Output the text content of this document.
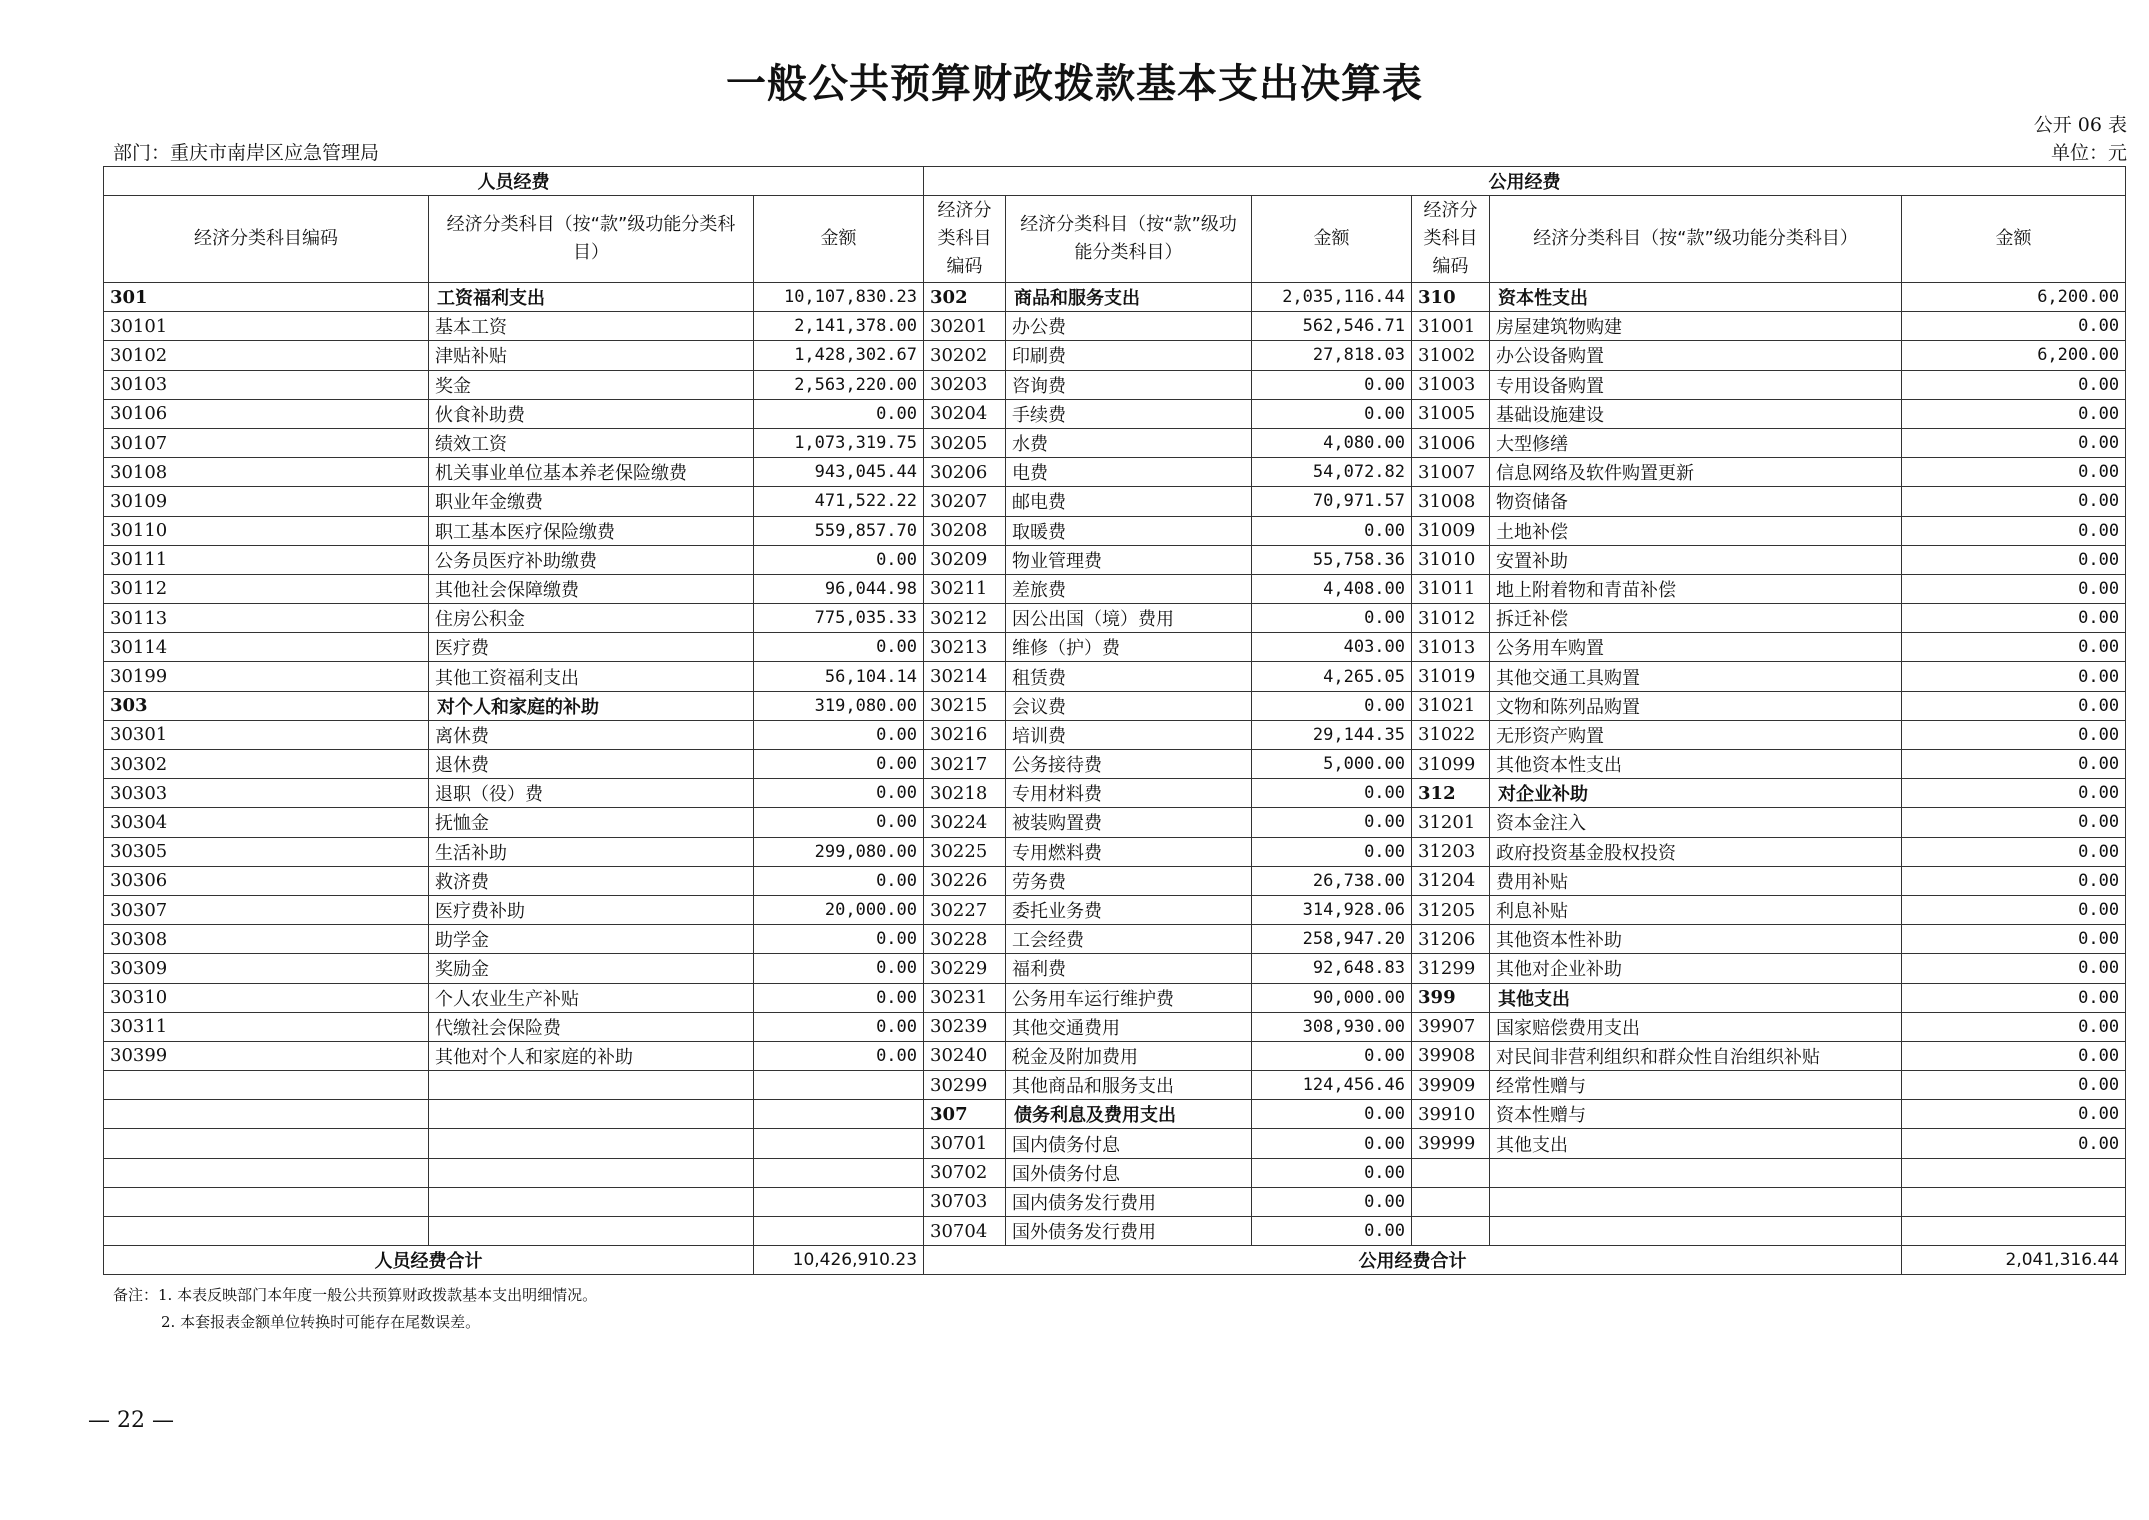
一般公共预算财政拨款基本支出决算表
公开 06 表
部门：重庆市南岸区应急管理局	单位：元
人员经费			公用经费					
经济分类科目编码	经济分类科目（按“款”级功能分类科目）	金额	经济分类科目编码	经济分类科目（按“款”级功能分类科目）	金额	经济分类科目编码	经济分类科目（按“款”级功能分类科目）	金额
301	工资福利支出	10,107,830.23	302	商品和服务支出	2,035,116.44	310	资本性支出	6,200.00
30101	基本工资	2,141,378.00	30201	办公费	562,546.71	31001	房屋建筑物购建	0.00
30102	津贴补贴	1,428,302.67	30202	印刷费	27,818.03	31002	办公设备购置	6,200.00
30103	奖金	2,563,220.00	30203	咨询费	0.00	31003	专用设备购置	0.00
30106	伙食补助费	0.00	30204	手续费	0.00	31005	基础设施建设	0.00
30107	绩效工资	1,073,319.75	30205	水费	4,080.00	31006	大型修缮	0.00
30108	机关事业单位基本养老保险缴费	943,045.44	30206	电费	54,072.82	31007	信息网络及软件购置更新	0.00
30109	职业年金缴费	471,522.22	30207	邮电费	70,971.57	31008	物资储备	0.00
30110	职工基本医疗保险缴费	559,857.70	30208	取暖费	0.00	31009	土地补偿	0.00
30111	公务员医疗补助缴费	0.00	30209	物业管理费	55,758.36	31010	安置补助	0.00
30112	其他社会保障缴费	96,044.98	30211	差旅费	4,408.00	31011	地上附着物和青苗补偿	0.00
30113	住房公积金	775,035.33	30212	因公出国（境）费用	0.00	31012	拆迁补偿	0.00
30114	医疗费	0.00	30213	维修（护）费	403.00	31013	公务用车购置	0.00
30199	其他工资福利支出	56,104.14	30214	租赁费	4,265.05	31019	其他交通工具购置	0.00
303	对个人和家庭的补助	319,080.00	30215	会议费	0.00	31021	文物和陈列品购置	0.00
30301	离休费	0.00	30216	培训费	29,144.35	31022	无形资产购置	0.00
30302	退休费	0.00	30217	公务接待费	5,000.00	31099	其他资本性支出	0.00
30303	退职（役）费	0.00	30218	专用材料费	0.00	312	对企业补助	0.00
30304	抚恤金	0.00	30224	被装购置费	0.00	31201	资本金注入	0.00
30305	生活补助	299,080.00	30225	专用燃料费	0.00	31203	政府投资基金股权投资	0.00
30306	救济费	0.00	30226	劳务费	26,738.00	31204	费用补贴	0.00
30307	医疗费补助	20,000.00	30227	委托业务费	314,928.06	31205	利息补贴	0.00
30308	助学金	0.00	30228	工会经费	258,947.20	31206	其他资本性补助	0.00
30309	奖励金	0.00	30229	福利费	92,648.83	31299	其他对企业补助	0.00
30310	个人农业生产补贴	0.00	30231	公务用车运行维护费	90,000.00	399	其他支出	0.00
30311	代缴社会保险费	0.00	30239	其他交通费用	308,930.00	39907	国家赔偿费用支出	0.00
30399	其他对个人和家庭的补助	0.00	30240	税金及附加费用	0.00	39908	对民间非营利组织和群众性自治组织补贴	0.00
			30299	其他商品和服务支出	124,456.46	39909	经常性赠与	0.00
			307	债务利息及费用支出	0.00	39910	资本性赠与	0.00
			30701	国内债务付息	0.00	39999	其他支出	0.00
			30702	国外债务付息	0.00			
			30703	国内债务发行费用	0.00			
			30704	国外债务发行费用	0.00			
人员经费合计		10,426,910.23	公用经费合计					2,041,316.44
备注：1. 本表反映部门本年度一般公共预算财政拨款基本支出明细情况。
2. 本套报表金额单位转换时可能存在尾数误差。
— 22 —
